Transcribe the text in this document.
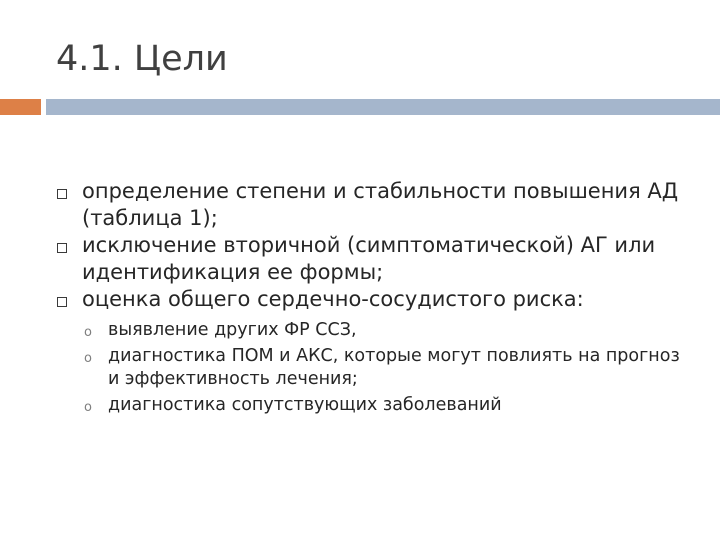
4.1. Цели
определение степени и стабильности повышения АД (таблица 1);
исключение вторичной (симптоматической) АГ или идентификация ее формы;
оценка общего сердечно-сосудистого риска:
o выявление других ФР ССЗ,
o диагностика ПОМ и АКС, которые могут повлиять на прогноз и эффективность лечения;
o диагностика сопутствующих заболеваний
